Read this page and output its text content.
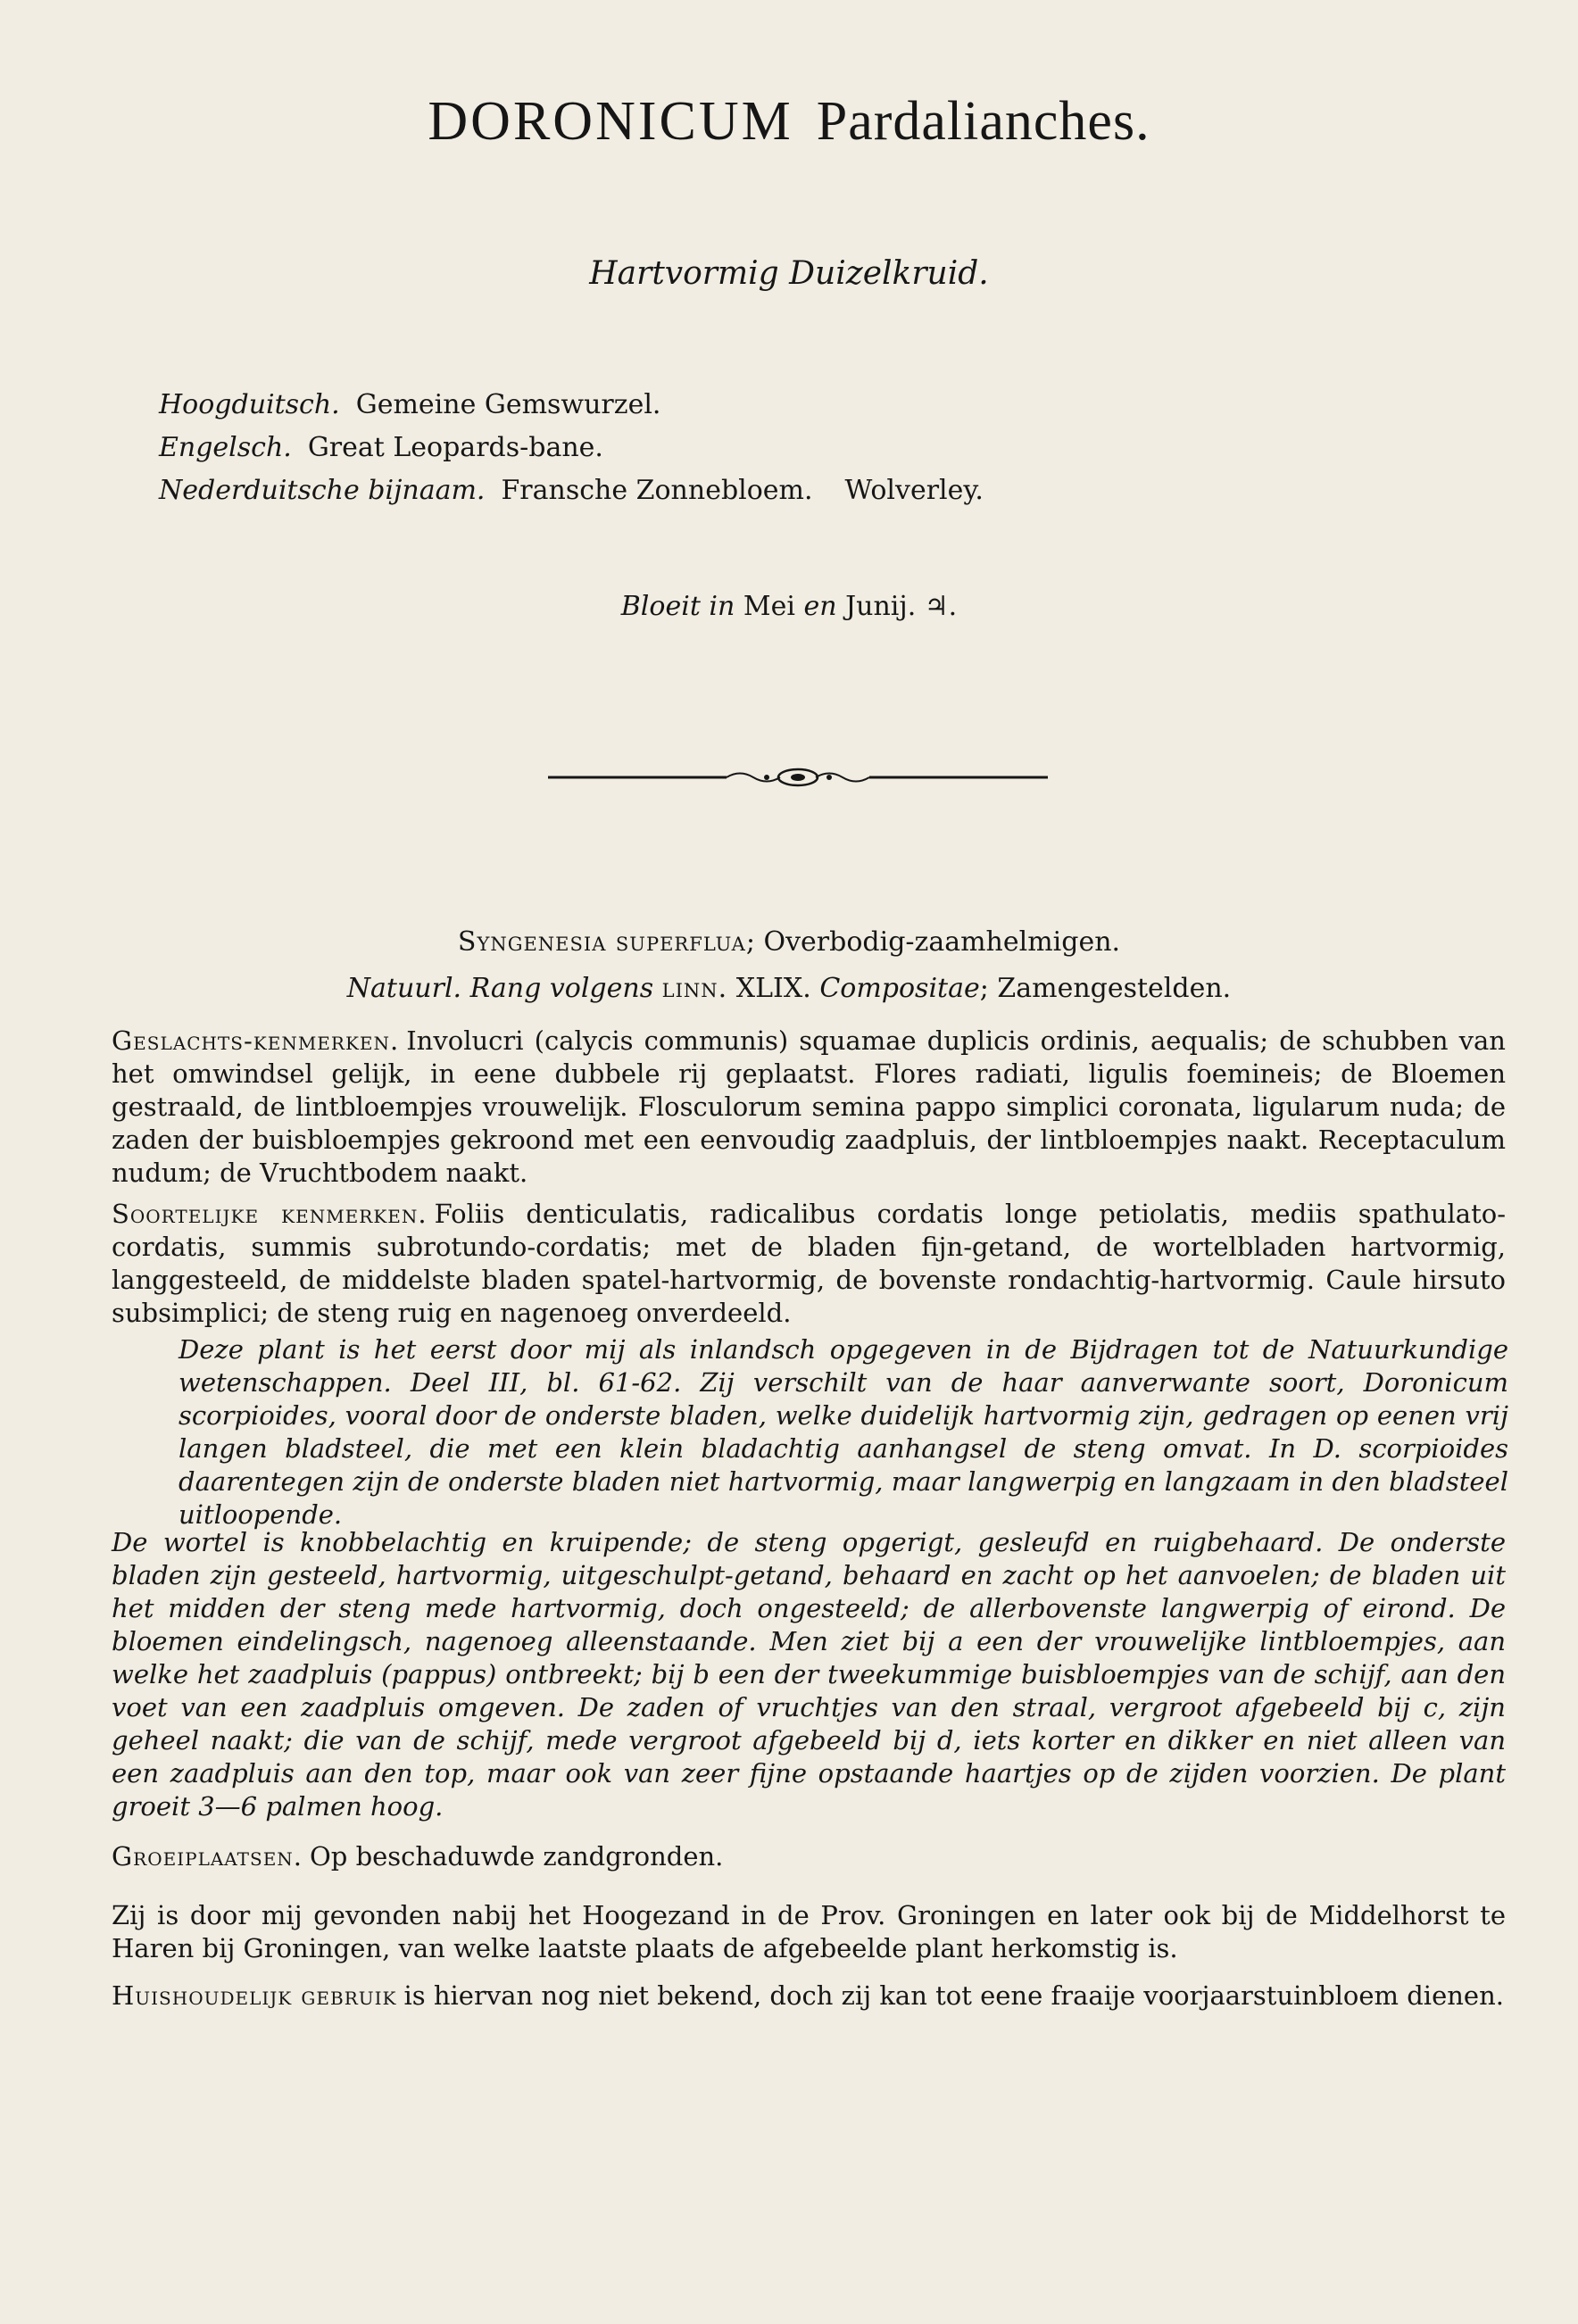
DORONICUM Pardalianches.
Hartvormig Duizelkruid.
Hoogduitsch. Gemeine Gemswurzel.
Engelsch. Great Leopards-bane.
Nederduitsche bijnaam. Fransche Zonnebloem. Wolverley.
Bloeit in Mei en Junij. ♃.
Syngenesia superflua; Overbodig-zaamhelmigen.
Natuurl. Rang volgens linn. XLIX. Compositae; Zamengestelden.
Geslachts-kenmerken. Involucri (calycis communis) squamae duplicis ordinis, aequalis; de schubben van het omwindsel gelijk, in eene dubbele rij geplaatst. Flores radiati, ligulis foemineis; de Bloemen gestraald, de lintbloempjes vrouwelijk. Flosculorum semina pappo simplici coronata, ligularum nuda; de zaden der buisbloempjes gekroond met een eenvoudig zaadpluis, der lintbloempjes naakt. Receptaculum nudum; de Vruchtbodem naakt.
Soortelijke kenmerken. Foliis denticulatis, radicalibus cordatis longe petiolatis, mediis spathulato-cordatis, summis subrotundo-cordatis; met de bladen fijn-getand, de wortelbladen hartvormig, langgesteeld, de middelste bladen spatel-hartvormig, de bovenste rondachtig-hartvormig. Caule hirsuto subsimplici; de steng ruig en nagenoeg onverdeeld.
Deze plant is het eerst door mij als inlandsch opgegeven in de Bijdragen tot de Natuurkundige wetenschappen. Deel III, bl. 61-62. Zij verschilt van de haar aanverwante soort, Doronicum scorpioides, vooral door de onderste bladen, welke duidelijk hartvormig zijn, gedragen op eenen vrij langen bladsteel, die met een klein bladachtig aanhangsel de steng omvat. In D. scorpioides daarentegen zijn de onderste bladen niet hartvormig, maar langwerpig en langzaam in den bladsteel uitloopende.
De wortel is knobbelachtig en kruipende; de steng opgerigt, gesleufd en ruigbehaard. De onderste bladen zijn gesteeld, hartvormig, uitgeschulpt-getand, behaard en zacht op het aanvoelen; de bladen uit het midden der steng mede hartvormig, doch ongesteeld; de allerbovenste langwerpig of eirond. De bloemen eindelingsch, nagenoeg alleenstaande. Men ziet bij a een der vrouwelijke lintbloempjes, aan welke het zaadpluis (pappus) ontbreekt; bij b een der tweekummige buisbloempjes van de schijf, aan den voet van een zaadpluis omgeven. De zaden of vruchtjes van den straal, vergroot afgebeeld bij c, zijn geheel naakt; die van de schijf, mede vergroot afgebeeld bij d, iets korter en dikker en niet alleen van een zaadpluis aan den top, maar ook van zeer fijne opstaande haartjes op de zijden voorzien. De plant groeit 3—6 palmen hoog.
Groeiplaatsen. Op beschaduwde zandgronden.
Zij is door mij gevonden nabij het Hoogezand in de Prov. Groningen en later ook bij de Middelhorst te Haren bij Groningen, van welke laatste plaats de afgebeelde plant herkomstig is.
Huishoudelijk gebruik is hiervan nog niet bekend, doch zij kan tot eene fraaije voorjaarstuinbloem dienen.
